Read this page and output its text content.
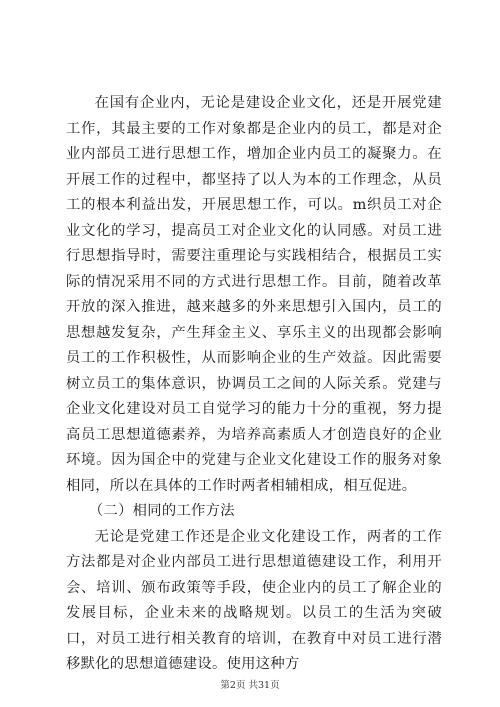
在国有企业内，无论是建设企业文化，还是开展党建工作，其最主要的工作对象都是企业内的员工，都是对企业内部员工进行思想工作，增加企业内员工的凝聚力。在开展工作的过程中，都坚持了以人为本的工作理念，从员工的根本利益出发，开展思想工作，可以。m织员工对企业文化的学习，提高员工对企业文化的认同感。对员工进行思想指导时，需要注重理论与实践相结合，根据员工实际的情况采用不同的方式进行思想工作。目前，随着改革开放的深入推进，越来越多的外来思想引入国内，员工的思想越发复杂，产生拜金主义、享乐主义的出现都会影响员工的工作积极性，从而影响企业的生产效益。因此需要树立员工的集体意识，协调员工之间的人际关系。党建与企业文化建设对员工自觉学习的能力十分的重视，努力提高员工思想道德素养，为培养高素质人才创造良好的企业环境。因为国企中的党建与企业文化建设工作的服务对象相同，所以在具体的工作时两者相辅相成，相互促进。

（二）相同的工作方法

无论是党建工作还是企业文化建设工作，两者的工作方法都是对企业内部员工进行思想道德建设工作，利用开会、培训、颁布政策等手段，使企业内的员工了解企业的发展目标，企业未来的战略规划。以员工的生活为突破口，对员工进行相关教育的培训，在教育中对员工进行潜移默化的思想道德建设。使用这种方

第2页 共31页
